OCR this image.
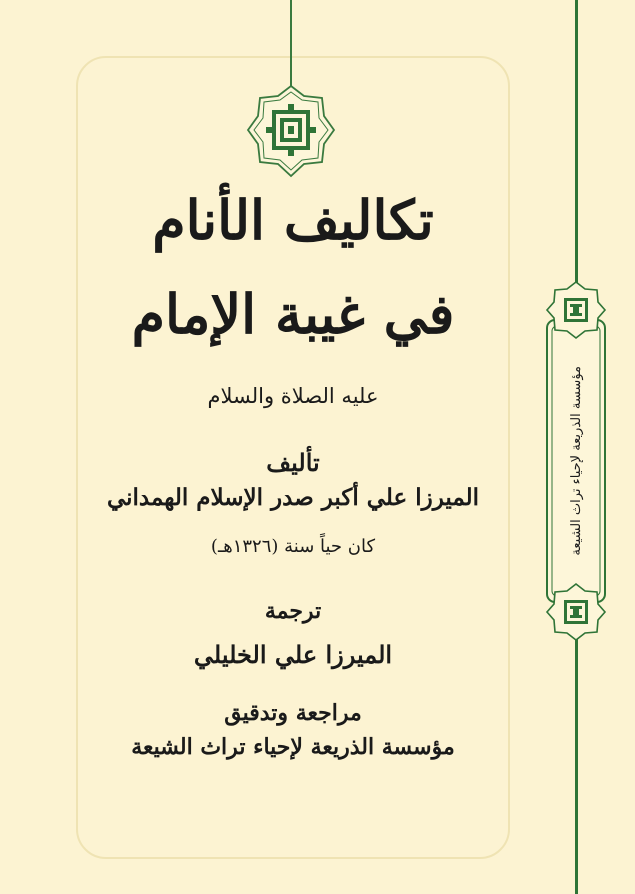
مؤسسة الذريعة لإحياء تراث الشيعة
تكاليف الأنام
في غيبة الإمام
عليه الصلاة والسلام
تأليف
الميرزا علي أكبر صدر الإسلام الهمداني
كان حياً سنة (١٣٢٦هـ)
ترجمة
الميرزا علي الخليلي
مراجعة وتدقيق
مؤسسة الذريعة لإحياء تراث الشيعة
